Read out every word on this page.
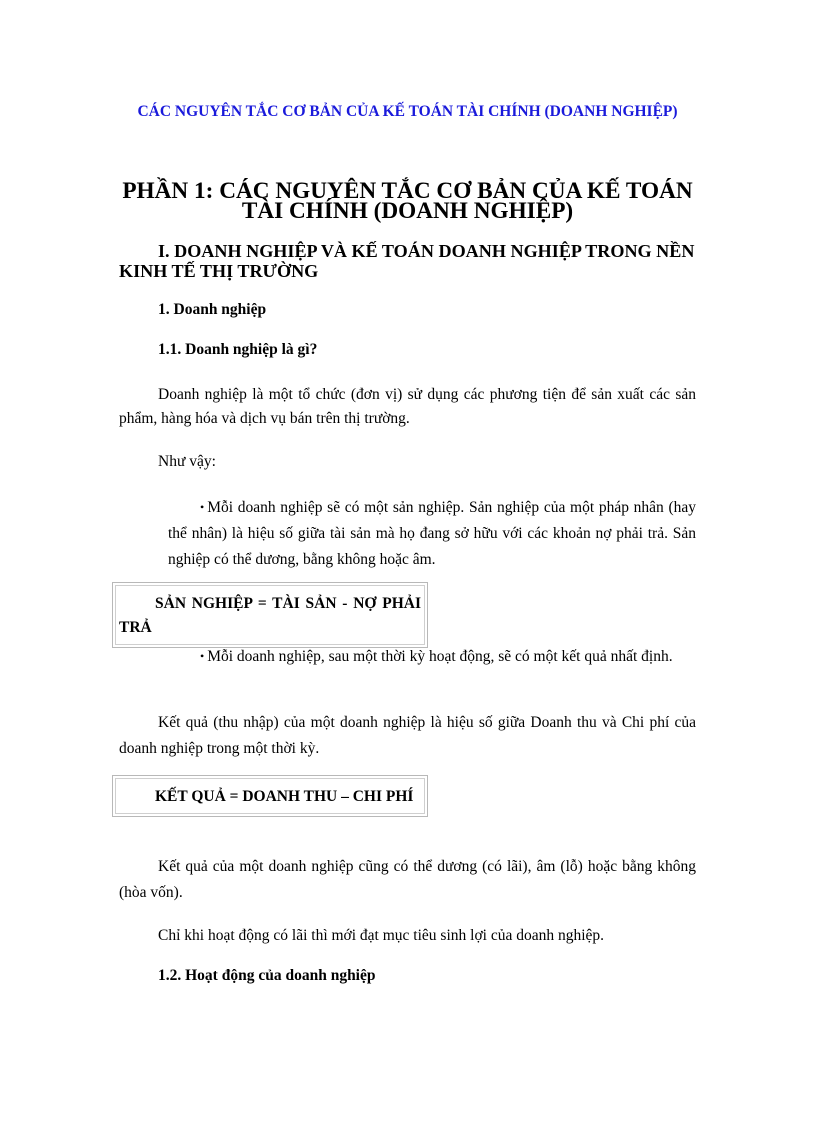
CÁC NGUYÊN TẮC CƠ BẢN CỦA KẾ TOÁN TÀI CHÍNH (DOANH NGHIỆP)
PHẦN 1: CÁC NGUYÊN TẮC CƠ BẢN CỦA KẾ TOÁN TÀI CHÍNH (DOANH NGHIỆP)
I. DOANH NGHIỆP VÀ KẾ TOÁN DOANH NGHIỆP TRONG NỀN KINH TẾ THỊ TRƯỜNG
1. Doanh nghiệp
1.1. Doanh nghiệp là gì?

Doanh nghiệp là một tổ chức (đơn vị) sử dụng các phương tiện để sản xuất các sản phẩm, hàng hóa và dịch vụ bán trên thị trường.

Như vậy:

• Mỗi doanh nghiệp sẽ có một sản nghiệp. Sản nghiệp của một pháp nhân (hay thể nhân) là hiệu số giữa tài sản mà họ đang sở hữu với các khoản nợ phải trả. Sản nghiệp có thể dương, bằng không hoặc âm.

SẢN NGHIỆP = TÀI SẢN - NỢ PHẢI TRẢ

• Mỗi doanh nghiệp, sau một thời kỳ hoạt động, sẽ có một kết quả nhất định.

Kết quả (thu nhập) của một doanh nghiệp là hiệu số giữa Doanh thu và Chi phí của doanh nghiệp trong một thời kỳ.

KẾT QUẢ = DOANH THU – CHI PHÍ

Kết quả của một doanh nghiệp cũng có thể dương (có lãi), âm (lỗ) hoặc bằng không (hòa vốn).

Chỉ khi hoạt động có lãi thì mới đạt mục tiêu sinh lợi của doanh nghiệp.

1.2. Hoạt động của doanh nghiệp
